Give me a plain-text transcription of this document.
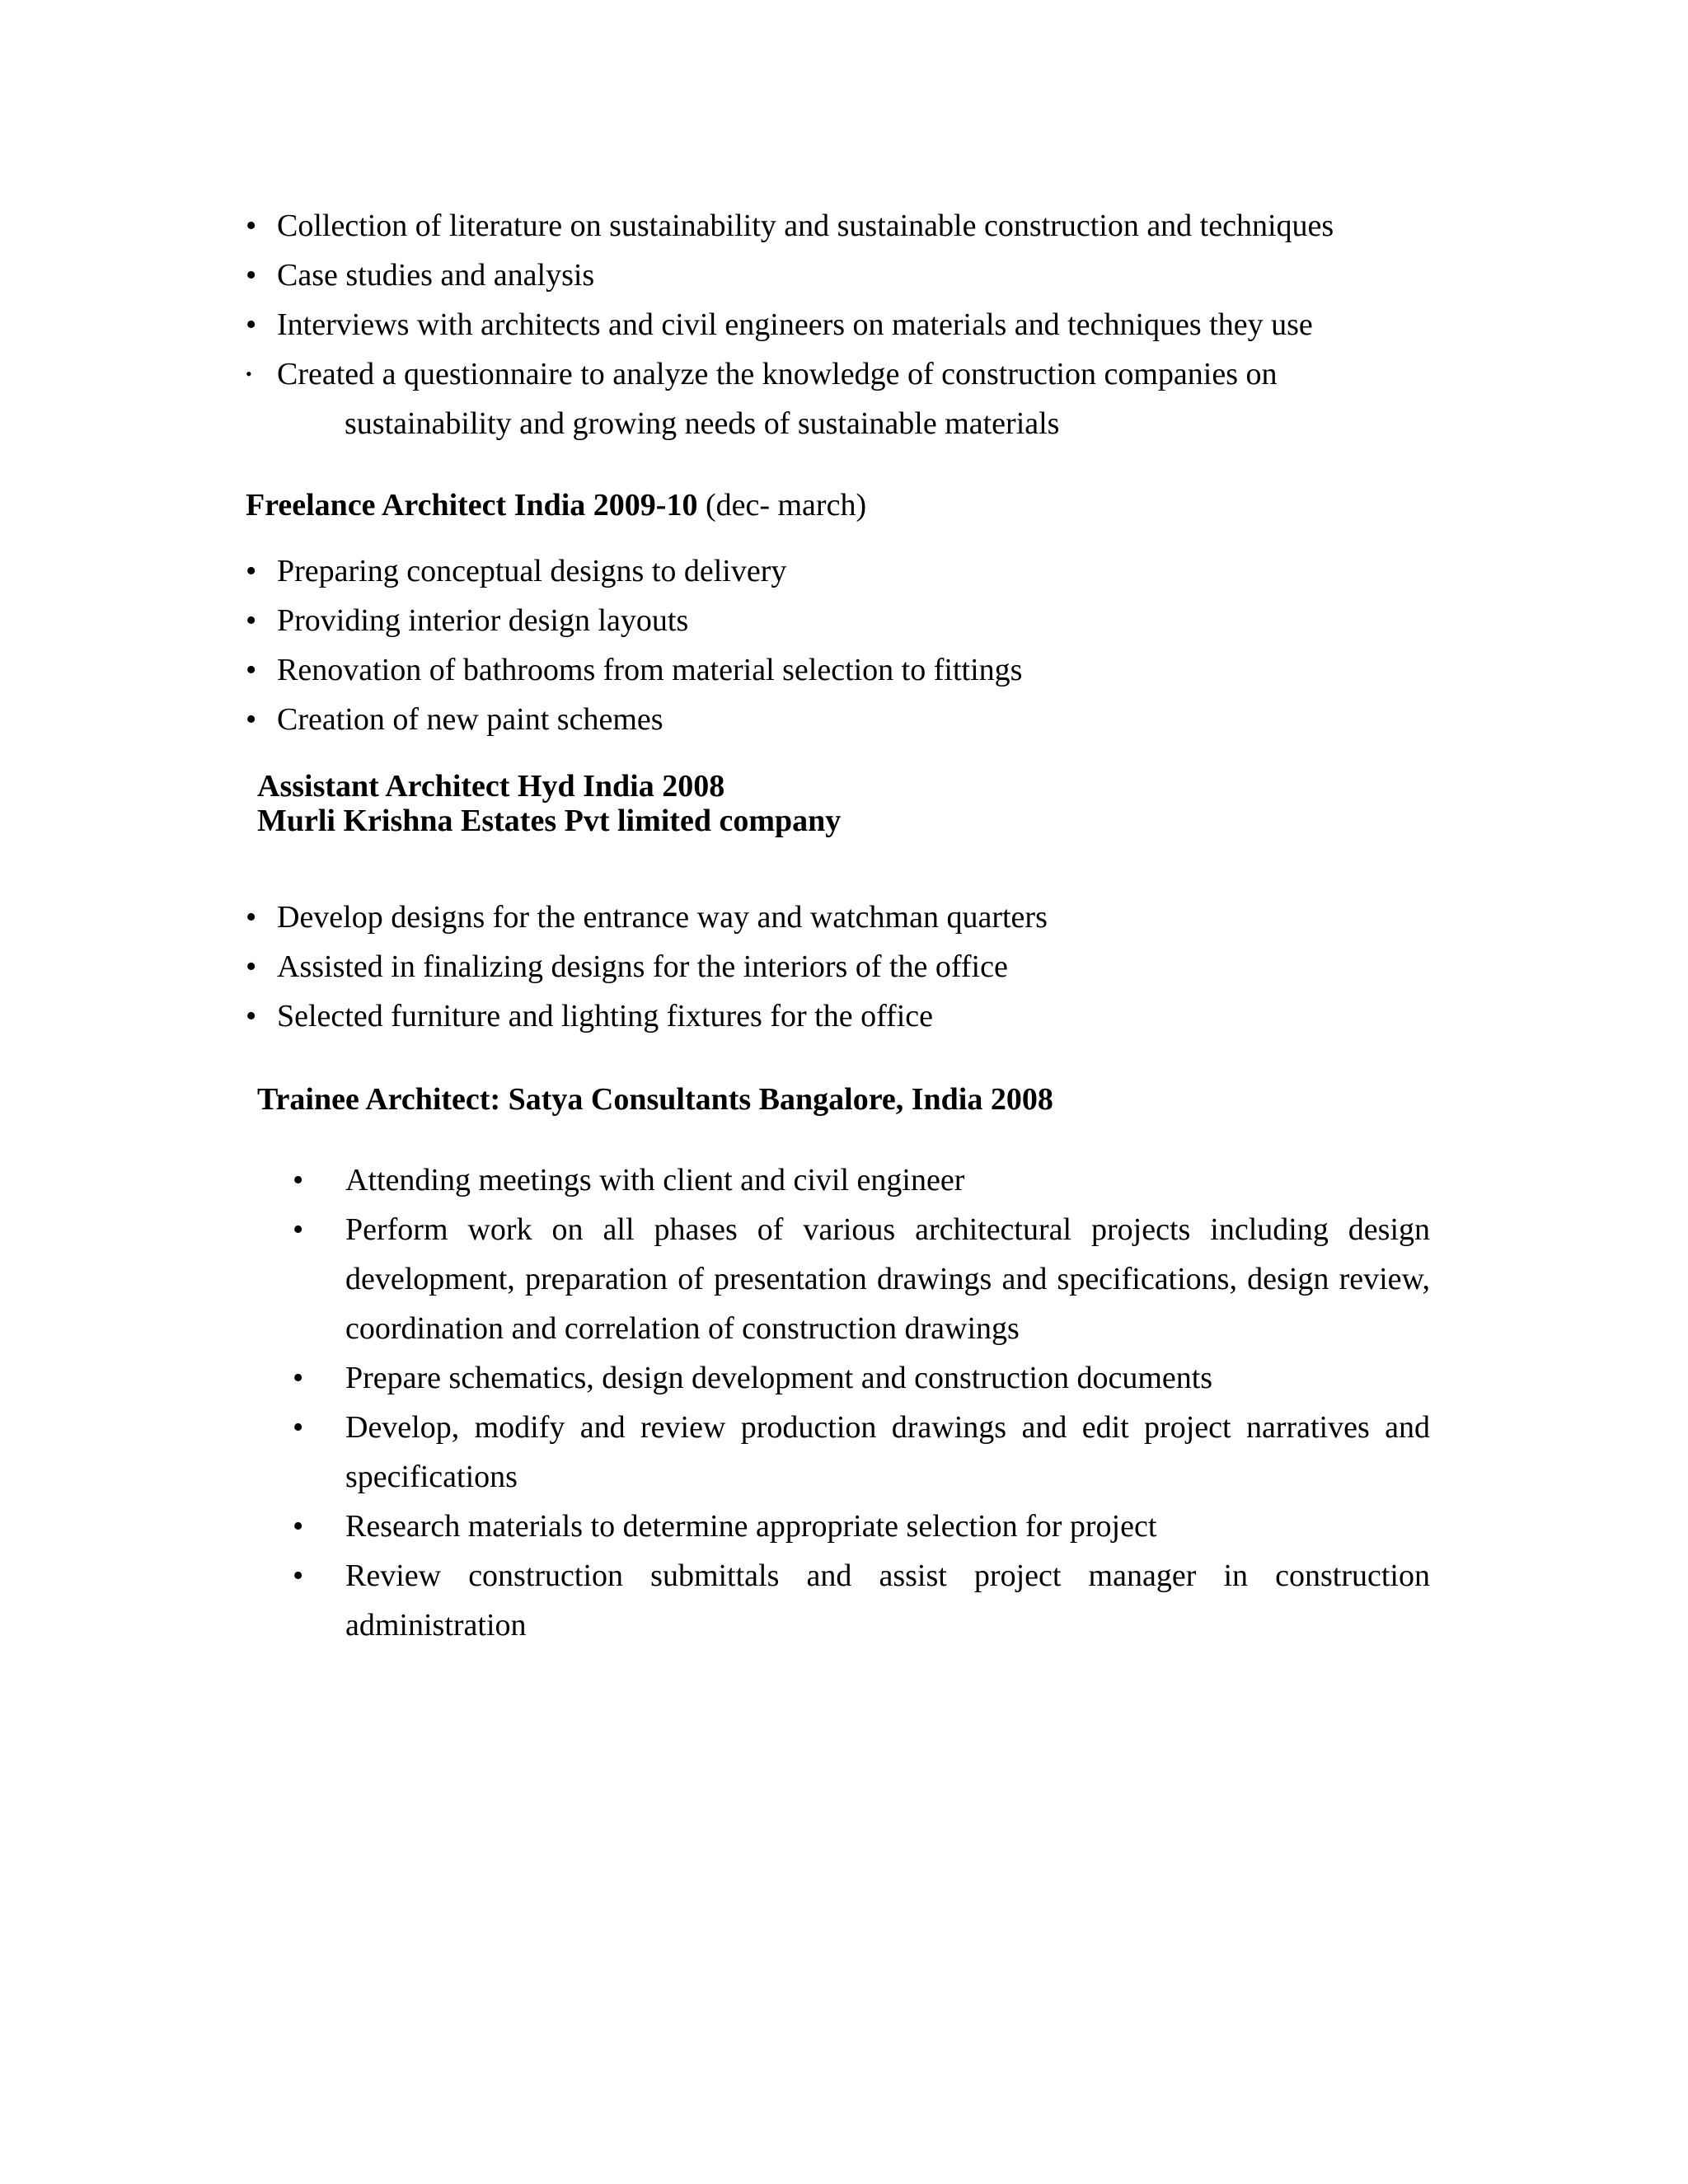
• Collection of literature on sustainability and sustainable construction and techniques
• Case studies and analysis
• Interviews with architects and civil engineers on materials and techniques they use
• Created a questionnaire to analyze the knowledge of construction companies on
sustainability and growing needs of sustainable materials
Freelance Architect India 2009-10 (dec- march)
• Preparing conceptual designs to delivery
• Providing interior design layouts
• Renovation of bathrooms from material selection to fittings
• Creation of new paint schemes
Assistant Architect Hyd India 2008
Murli Krishna Estates Pvt limited company
• Develop designs for the entrance way and watchman quarters
• Assisted in finalizing designs for the interiors of the office
• Selected furniture and lighting fixtures for the office
Trainee Architect: Satya Consultants Bangalore, India 2008
• Attending meetings with client and civil engineer
• Perform work on all phases of various architectural projects including design development, preparation of presentation drawings and specifications, design review, coordination and correlation of construction drawings
• Prepare schematics, design development and construction documents
• Develop, modify and review production drawings and edit project narratives and specifications
• Research materials to determine appropriate selection for project
• Review construction submittals and assist project manager in construction administration
